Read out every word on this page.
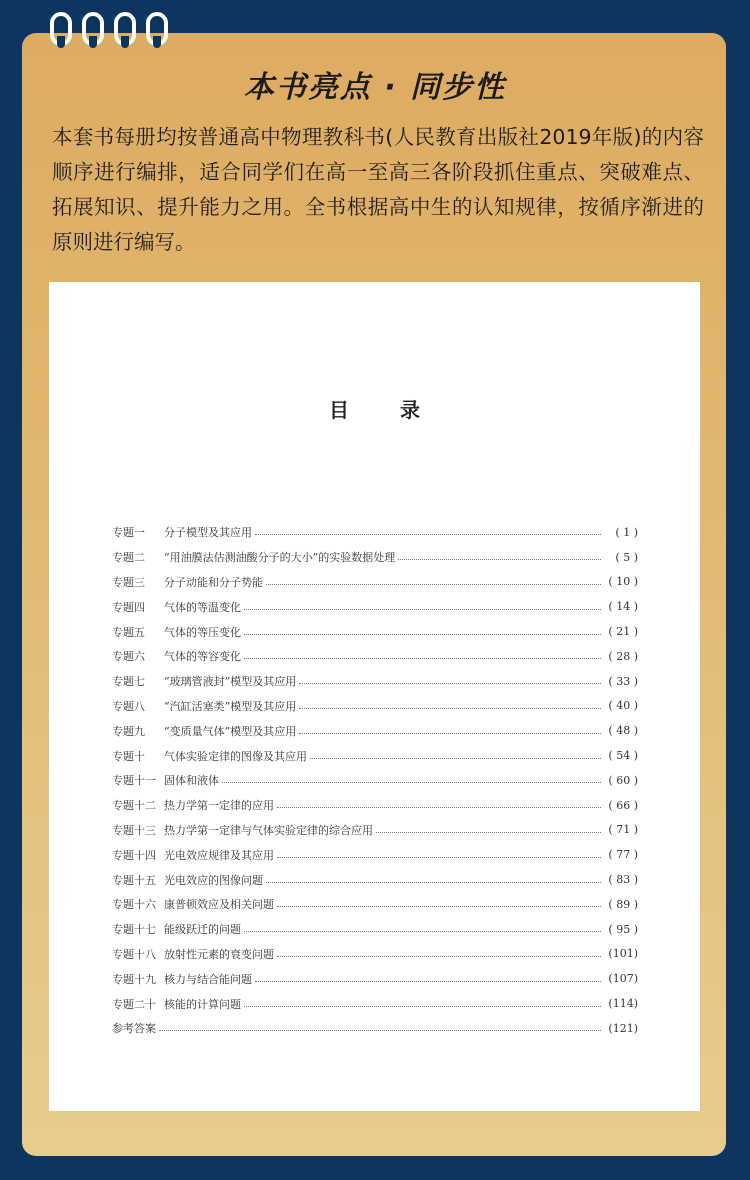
本书亮点 · 同步性
本套书每册均按普通高中物理教科书(人民教育出版社2019年版)的内容顺序进行编排，适合同学们在高一至高三各阶段抓住重点、突破难点、拓展知识、提升能力之用。全书根据高中生的认知规律，按循序渐进的原则进行编写。
目 录
专题一	分子模型及其应用	( 1 )
专题二	“用油膜法估测油酸分子的大小”的实验数据处理	( 5 )
专题三	分子动能和分子势能	( 10 )
专题四	气体的等温变化	( 14 )
专题五	气体的等压变化	( 21 )
专题六	气体的等容变化	( 28 )
专题七	“玻璃管液封”模型及其应用	( 33 )
专题八	“汽缸活塞类”模型及其应用	( 40 )
专题九	“变质量气体”模型及其应用	( 48 )
专题十	气体实验定律的图像及其应用	( 54 )
专题十一 固体和液体	( 60 )
专题十二 热力学第一定律的应用	( 66 )
专题十三 热力学第一定律与气体实验定律的综合应用	( 71 )
专题十四 光电效应规律及其应用	( 77 )
专题十五 光电效应的图像问题	( 83 )
专题十六 康普顿效应及相关问题	( 89 )
专题十七 能级跃迁的问题	( 95 )
专题十八 放射性元素的衰变问题	(101)
专题十九 核力与结合能问题	(107)
专题二十 核能的计算问题	(114)
参考答案	(121)
